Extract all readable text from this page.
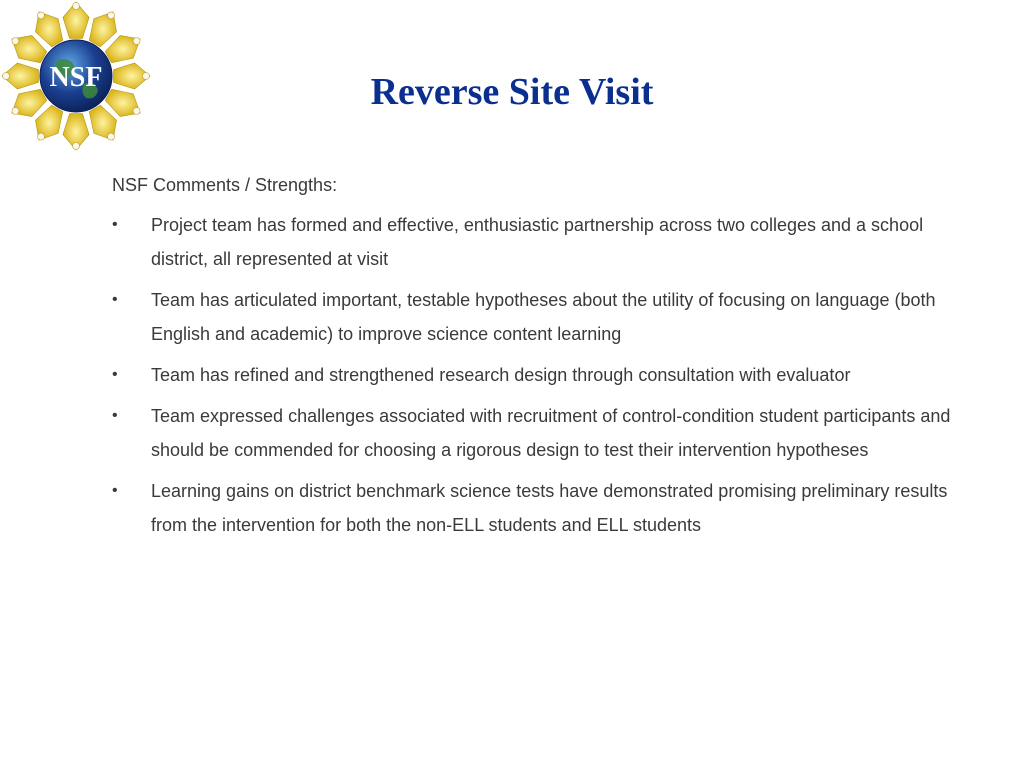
NSF	Reverse Site Visit

NSF Comments / Strengths:

•	Project team has formed and effective, enthusiastic partnership across two colleges and a school district, all represented at visit
•	Team has articulated important, testable hypotheses about the utility of focusing on language (both English and academic) to improve science content learning
•	Team has refined and strengthened research design through consultation with evaluator
•	Team expressed challenges associated with recruitment of control-condition student participants and should be commended for choosing a rigorous design to test their intervention hypotheses
•	Learning gains on district benchmark science tests have demonstrated promising preliminary results from the intervention for both the non-ELL students and ELL students
